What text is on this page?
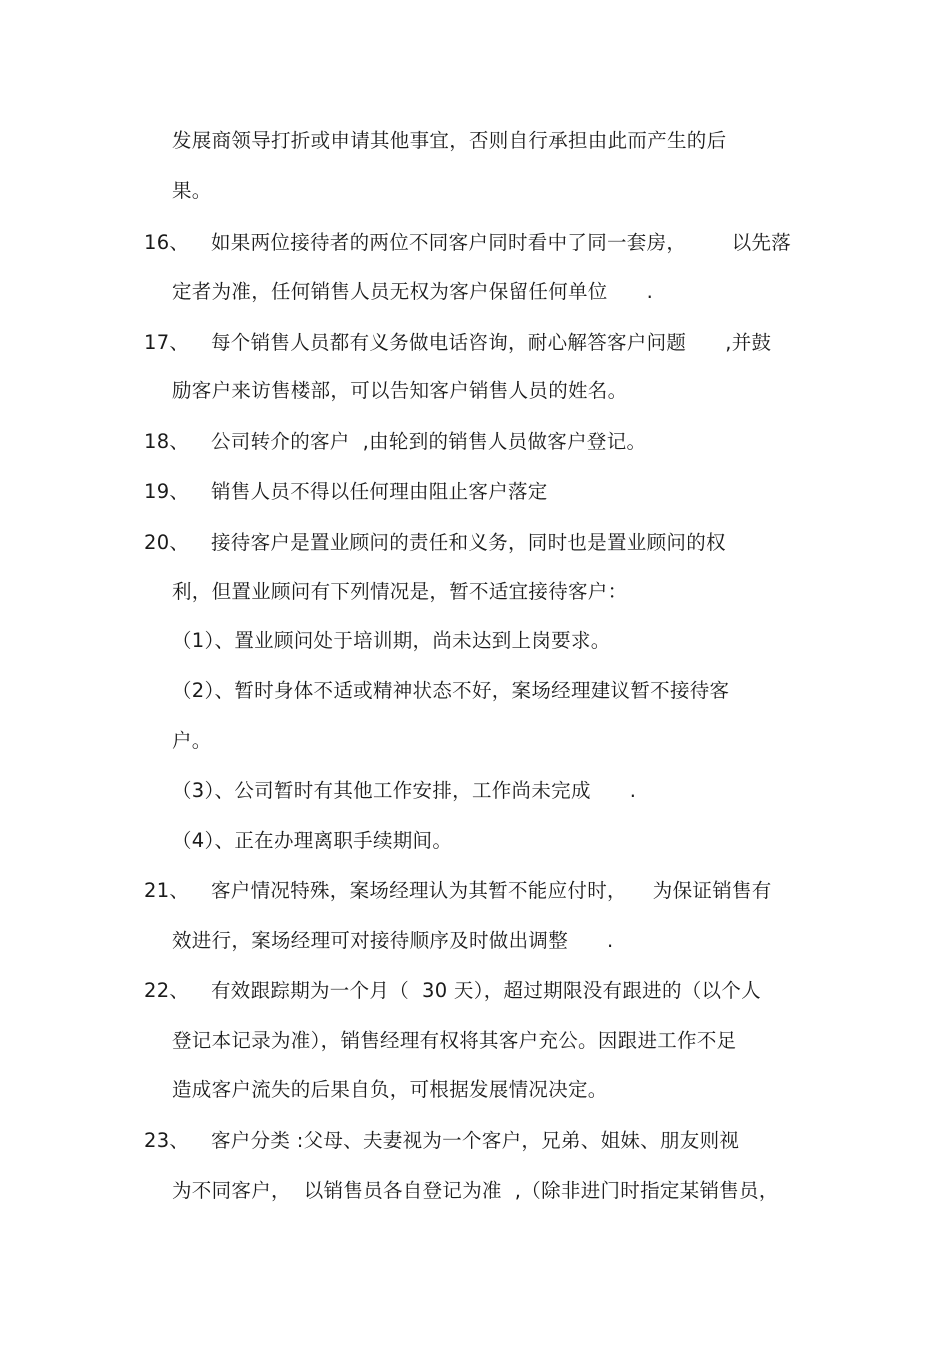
发展商领导打折或申请其他事宜，否则自行承担由此而产生的后
果。
16、 如果两位接待者的两位不同客户同时看中了同一套房，       以先落
定者为准，任何销售人员无权为客户保留任何单位      .
17、 每个销售人员都有义务做电话咨询，耐心解答客户问题      ,并鼓
励客户来访售楼部，可以告知客户销售人员的姓名。
18、 公司转介的客户  ,由轮到的销售人员做客户登记。
19、 销售人员不得以任何理由阻止客户落定
20、 接待客户是置业顾问的责任和义务，同时也是置业顾问的权
利，但置业顾问有下列情况是，暂不适宜接待客户：
（1）、置业顾问处于培训期，尚未达到上岗要求。
（2）、暂时身体不适或精神状态不好，案场经理建议暂不接待客
户。
（3）、公司暂时有其他工作安排，工作尚未完成      .
（4）、正在办理离职手续期间。
21、 客户情况特殊，案场经理认为其暂不能应付时，    为保证销售有
效进行，案场经理可对接待顺序及时做出调整      .
22、 有效跟踪期为一个月（  30 天），超过期限没有跟进的（以个人
登记本记录为准），销售经理有权将其客户充公。因跟进工作不足
造成客户流失的后果自负，可根据发展情况决定。
23、 客户分类 :父母、夫妻视为一个客户，兄弟、姐妹、朋友则视
为不同客户，  以销售员各自登记为准  ,（除非进门时指定某销售员，
